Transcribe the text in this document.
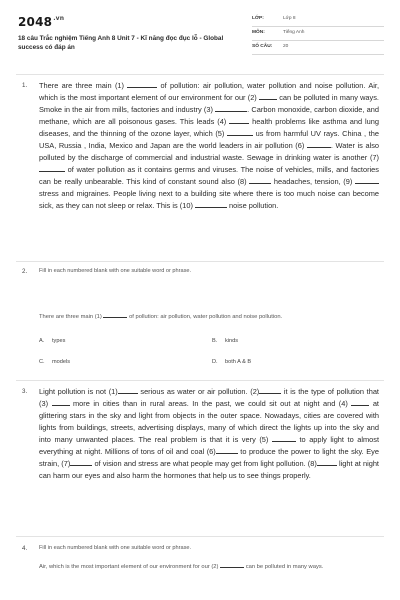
$2048^{.vn}$
18 câu Trắc nghiệm Tiếng Anh 8 Unit 7 - Kĩ năng đọc đục lỗ - Global success có đáp án
LỚP:	Lớp 8
MÔN:	Tiếng Anh
SỐ CÂU: 20
1. There are three main (1)	of pollution: air pollution, water pollution and noise pollution. Air, which is the most important element of our environment for our (2)	can be polluted in many ways. Smoke in the air from mills, factories and industry (3)	. Carbon monoxide, carbon dioxide, and methane, which are all poisonous gases. This leads (4)	health problems like asthma and lung diseases, and the thinning of the ozone layer, which (5)	us from harmful UV rays. China , the USA, Russia , India, Mexico and Japan are the world leaders in air pollution (6)	. Water is also polluted by the discharge of commercial and industrial waste. Sewage in drinking water is another (7)  of water pollution as it contains germs and viruses. The noise of vehicles, mills, and factories can be really unbearable. This kind of constant sound also (8)	headaches, tension, (9)  stress and migraines. People living next to a building site where there is too much noise can become sick, as they can not sleep or relax. This is (10)	noise pollution.
2. Fill in each numbered blank with one suitable word or phrase.
There are three main (1)	of pollution: air pollution, water pollution and noise pollution.
A. types	B. kinds
C. models	D. both A & B
3. Light pollution is not (1)	serious as water or air pollution. (2)	it is the type of pollution that (3)	more in cities than in rural areas. In the past, we could sit out at night and (4)	at glittering stars in the sky and light from objects in the outer space. Nowadays, cities are covered with lights from buildings, streets, advertising displays, many of which direct the lights up into the sky and into many unwanted places. The real problem is that it is very (5)	to apply light to almost everything at night. Millions of tons of oil and coal (6)	to produce the power to light the sky. Eye strain, (7)	of vision and stress are what people may get from light pollution. (8)	light at night can harm our eyes and also harm the hormones that help us to see things properly.
4. Fill in each numbered blank with one suitable word or phrase.
Air, which is the most important element of our environment for our (2)	can be polluted in many ways.
